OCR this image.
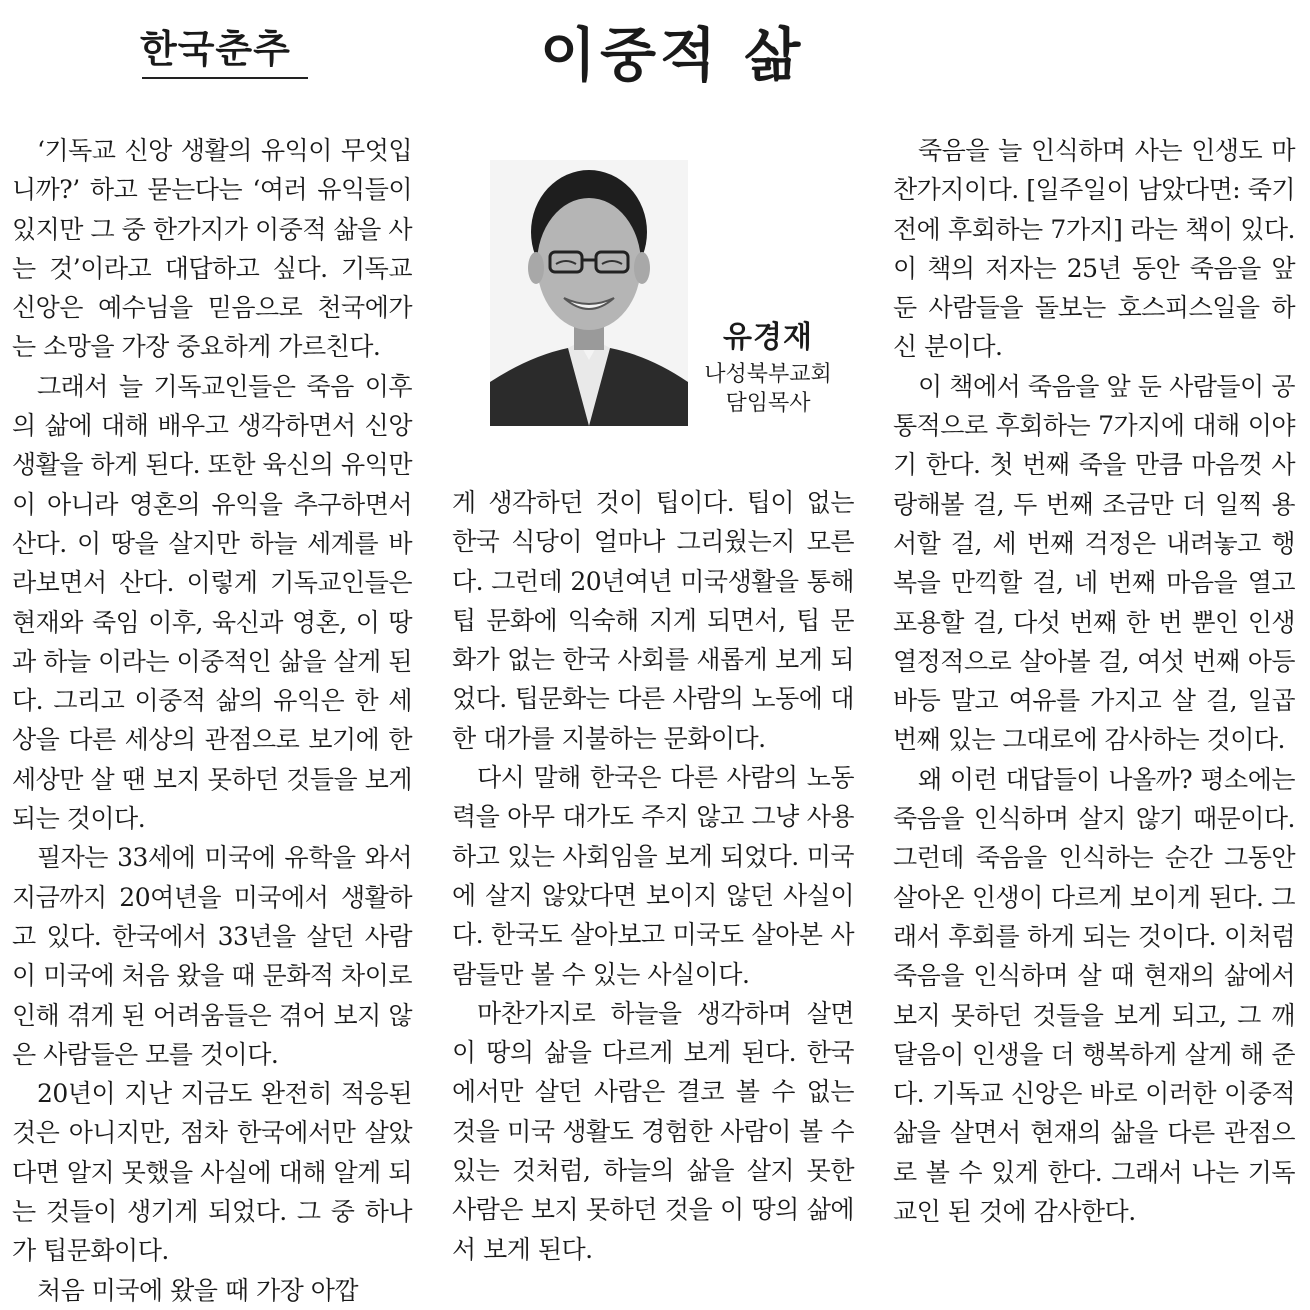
한국춘추	이중적 삶
유경재
나성북부교회
담임목사

‘기독교 신앙 생활의 유익이 무엇입니까?’ 하고 묻는다는 ‘여러 유익들이 있지만 그 중 한가지가 이중적 삶을 사는 것’이라고 대답하고 싶다. 기독교 신앙은 예수님을 믿음으로 천국에가는 소망을 가장 중요하게 가르친다.

그래서 늘 기독교인들은 죽음 이후의 삶에 대해 배우고 생각하면서 신앙 생활을 하게 된다. 또한 육신의 유익만이 아니라 영혼의 유익을 추구하면서 산다. 이 땅을 살지만 하늘 세계를 바라보면서 산다. 이렇게 기독교인들은 현재와 죽임 이후, 육신과 영혼, 이 땅과 하늘 이라는 이중적인 삶을 살게 된다. 그리고 이중적 삶의 유익은 한 세상을 다른 세상의 관점으로 보기에 한 세상만 살 땐 보지 못하던 것들을 보게 되는 것이다.

필자는 33세에 미국에 유학을 와서 지금까지 20여년을 미국에서 생활하고 있다. 한국에서 33년을 살던 사람이 미국에 처음 왔을 때 문화적 차이로 인해 겪게 된 어려움들은 겪어 보지 않은 사람들은 모를 것이다.

20년이 지난 지금도 완전히 적응된 것은 아니지만, 점차 한국에서만 살았다면 알지 못했을 사실에 대해 알게 되는 것들이 생기게 되었다. 그 중 하나가 팁문화이다.

처음 미국에 왔을 때 가장 아깝

게 생각하던 것이 팁이다. 팁이 없는 한국 식당이 얼마나 그리웠는지 모른다. 그런데 20년여년 미국생활을 통해 팁 문화에 익숙해 지게 되면서, 팁 문화가 없는 한국 사회를 새롭게 보게 되었다. 팁문화는 다른 사람의 노동에 대한 대가를 지불하는 문화이다.

다시 말해 한국은 다른 사람의 노동력을 아무 대가도 주지 않고 그냥 사용하고 있는 사회임을 보게 되었다. 미국에 살지 않았다면 보이지 않던 사실이다. 한국도 살아보고 미국도 살아본 사람들만 볼 수 있는 사실이다.

마찬가지로 하늘을 생각하며 살면 이 땅의 삶을 다르게 보게 된다. 한국에서만 살던 사람은 결코 볼 수 없는 것을 미국 생활도 경험한 사람이 볼 수 있는 것처럼, 하늘의 삶을 살지 못한 사람은 보지 못하던 것을 이 땅의 삶에서 보게 된다.

죽음을 늘 인식하며 사는 인생도 마찬가지이다. [일주일이 남았다면: 죽기 전에 후회하는 7가지] 라는 책이 있다. 이 책의 저자는 25년 동안 죽음을 앞둔 사람들을 돌보는 호스피스일을 하신 분이다.

이 책에서 죽음을 앞 둔 사람들이 공통적으로 후회하는 7가지에 대해 이야기 한다. 첫 번째 죽을 만큼 마음껏 사랑해볼 걸, 두 번째 조금만 더 일찍 용서할 걸, 세 번째 걱정은 내려놓고 행복을 만끽할 걸, 네 번째 마음을 열고 포용할 걸, 다섯 번째 한 번 뿐인 인생 열정적으로 살아볼 걸, 여섯 번째 아등바등 말고 여유를 가지고 살 걸, 일곱 번째 있는 그대로에 감사하는 것이다.

왜 이런 대답들이 나올까? 평소에는 죽음을 인식하며 살지 않기 때문이다. 그런데 죽음을 인식하는 순간 그동안 살아온 인생이 다르게 보이게 된다. 그래서 후회를 하게 되는 것이다. 이처럼 죽음을 인식하며 살 때 현재의 삶에서 보지 못하던 것들을 보게 되고, 그 깨달음이 인생을 더 행복하게 살게 해 준다. 기독교 신앙은 바로 이러한 이중적 삶을 살면서 현재의 삶을 다른 관점으로 볼 수 있게 한다. 그래서 나는 기독교인 된 것에 감사한다.
